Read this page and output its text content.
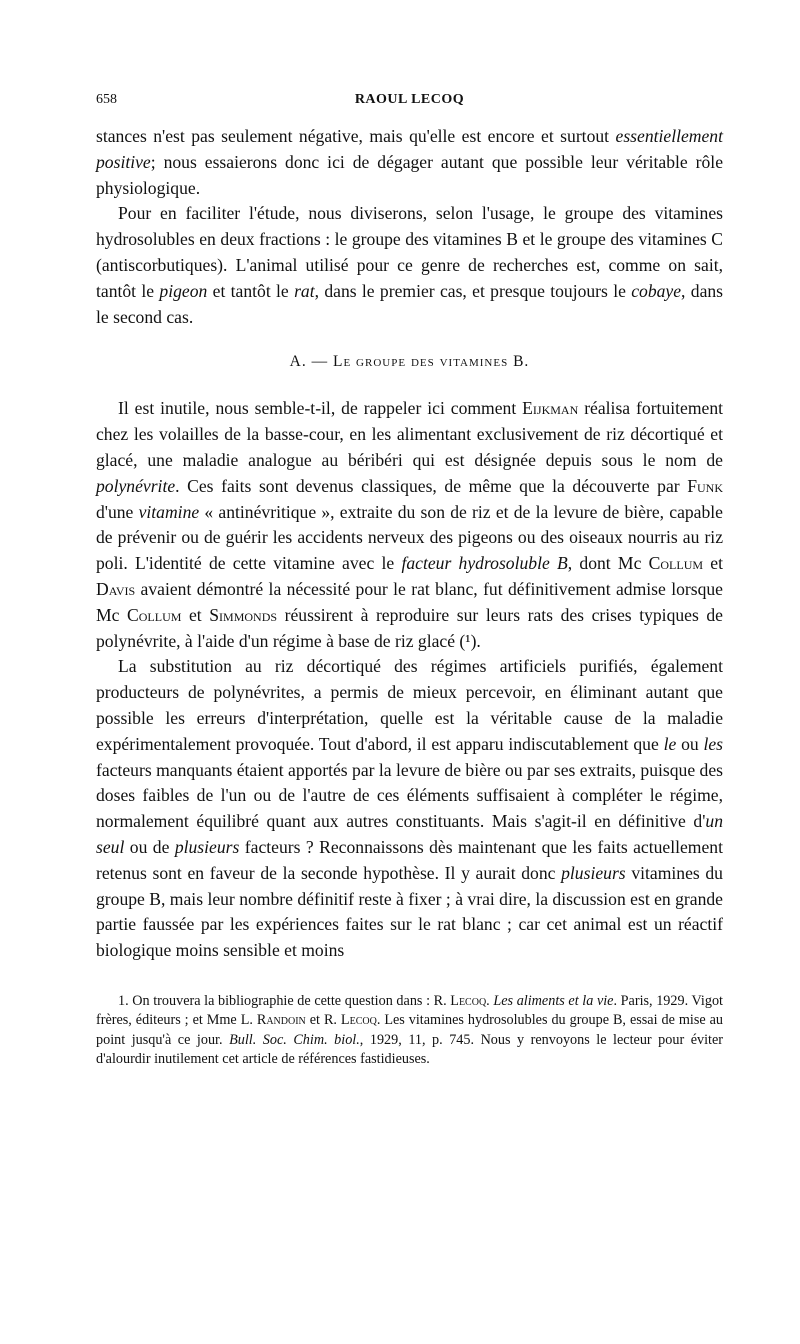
658	RAOUL LECOQ

stances n'est pas seulement négative, mais qu'elle est encore et surtout essentiellement positive; nous essaierons donc ici de dégager autant que possible leur véritable rôle physiologique.

Pour en faciliter l'étude, nous diviserons, selon l'usage, le groupe des vitamines hydrosolubles en deux fractions : le groupe des vitamines B et le groupe des vitamines C (antiscorbutiques). L'animal utilisé pour ce genre de recherches est, comme on sait, tantôt le pigeon et tantôt le rat, dans le premier cas, et presque toujours le cobaye, dans le second cas.

A. — Le groupe des vitamines B.

Il est inutile, nous semble-t-il, de rappeler ici comment Eijkman réalisa fortuitement chez les volailles de la basse-cour, en les alimentant exclusivement de riz décortiqué et glacé, une maladie analogue au béribéri qui est désignée depuis sous le nom de polynévrite. Ces faits sont devenus classiques, de même que la découverte par Funk d'une vitamine « antinévritique », extraite du son de riz et de la levure de bière, capable de prévenir ou de guérir les accidents nerveux des pigeons ou des oiseaux nourris au riz poli. L'identité de cette vitamine avec le facteur hydrosoluble B, dont Mc Collum et Davis avaient démontré la nécessité pour le rat blanc, fut définitivement admise lorsque Mc Collum et Simmonds réussirent à reproduire sur leurs rats des crises typiques de polynévrite, à l'aide d'un régime à base de riz glacé (¹).

La substitution au riz décortiqué des régimes artificiels purifiés, également producteurs de polynévrites, a permis de mieux percevoir, en éliminant autant que possible les erreurs d'interprétation, quelle est la véritable cause de la maladie expérimentalement provoquée. Tout d'abord, il est apparu indiscutablement que le ou les facteurs manquants étaient apportés par la levure de bière ou par ses extraits, puisque des doses faibles de l'un ou de l'autre de ces éléments suffisaient à compléter le régime, normalement équilibré quant aux autres constituants. Mais s'agit-il en définitive d'un seul ou de plusieurs facteurs ? Reconnaissons dès maintenant que les faits actuellement retenus sont en faveur de la seconde hypothèse. Il y aurait donc plusieurs vitamines du groupe B, mais leur nombre définitif reste à fixer ; à vrai dire, la discussion est en grande partie faussée par les expériences faites sur le rat blanc ; car cet animal est un réactif biologique moins sensible et moins

1. On trouvera la bibliographie de cette question dans : R. Lecoq. Les aliments et la vie. Paris, 1929. Vigot frères, éditeurs ; et Mme L. Randoin et R. Lecoq. Les vitamines hydrosolubles du groupe B, essai de mise au point jusqu'à ce jour. Bull. Soc. Chim. biol., 1929, 11, p. 745. Nous y renvoyons le lecteur pour éviter d'alourdir inutilement cet article de références fastidieuses.
